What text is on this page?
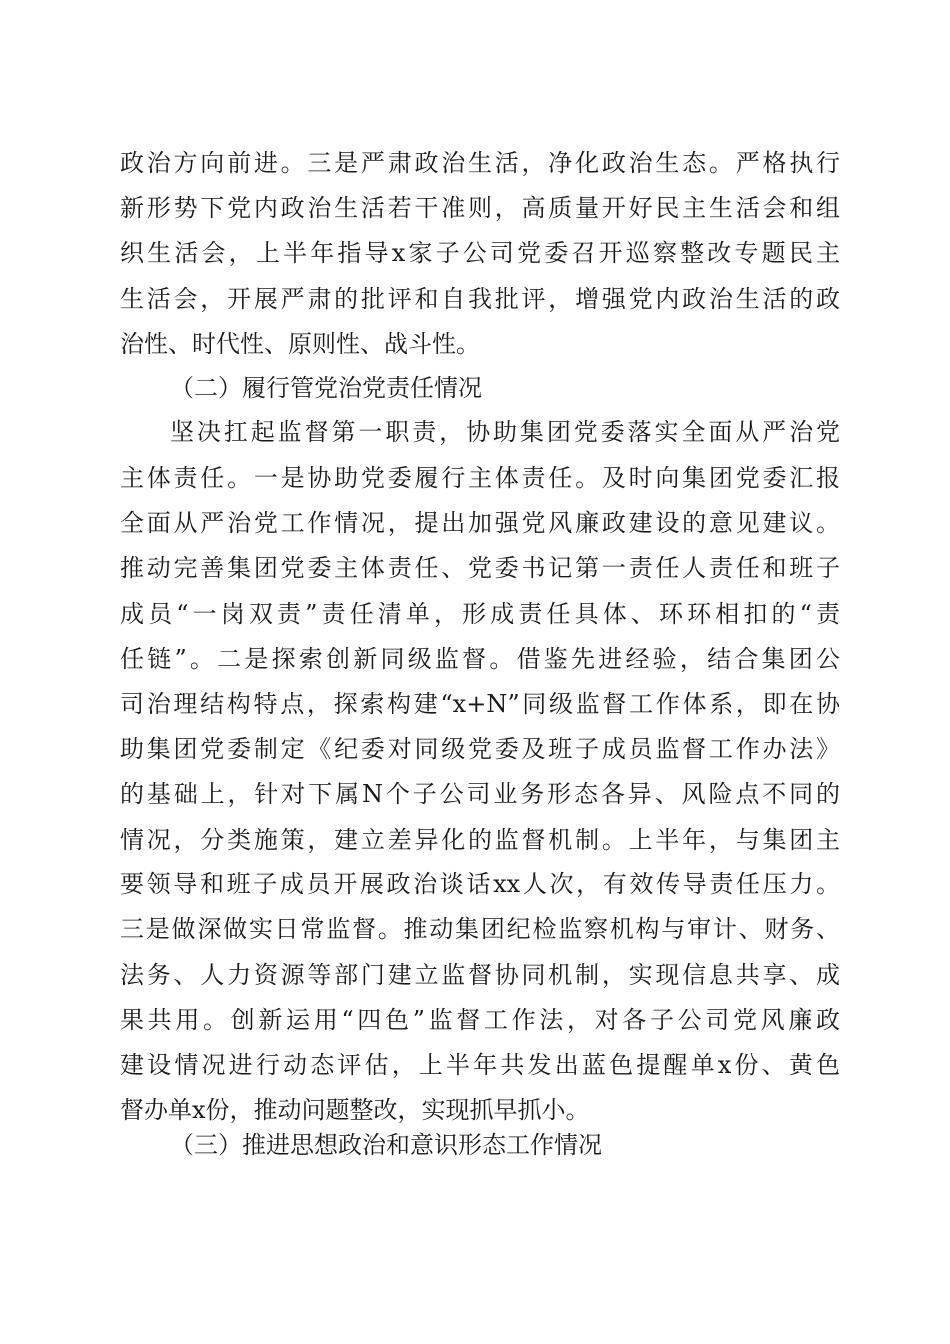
政治方向前进。三是严肃政治生活，净化政治生态。严格执行
新形势下党内政治生活若干准则，高质量开好民主生活会和组
织生活会，上半年指导x家子公司党委召开巡察整改专题民主
生活会，开展严肃的批评和自我批评，增强党内政治生活的政
治性、时代性、原则性、战斗性。
（二）履行管党治党责任情况
坚决扛起监督第一职责，协助集团党委落实全面从严治党
主体责任。一是协助党委履行主体责任。及时向集团党委汇报
全面从严治党工作情况，提出加强党风廉政建设的意见建议。
推动完善集团党委主体责任、党委书记第一责任人责任和班子
成员“一岗双责”责任清单，形成责任具体、环环相扣的“责
任链”。二是探索创新同级监督。借鉴先进经验，结合集团公
司治理结构特点，探索构建“x+N”同级监督工作体系，即在协
助集团党委制定《纪委对同级党委及班子成员监督工作办法》
的基础上，针对下属N个子公司业务形态各异、风险点不同的
情况，分类施策，建立差异化的监督机制。上半年，与集团主
要领导和班子成员开展政治谈话xx人次，有效传导责任压力。
三是做深做实日常监督。推动集团纪检监察机构与审计、财务、
法务、人力资源等部门建立监督协同机制，实现信息共享、成
果共用。创新运用“四色”监督工作法，对各子公司党风廉政
建设情况进行动态评估，上半年共发出蓝色提醒单x份、黄色
督办单x份，推动问题整改，实现抓早抓小。
（三）推进思想政治和意识形态工作情况
